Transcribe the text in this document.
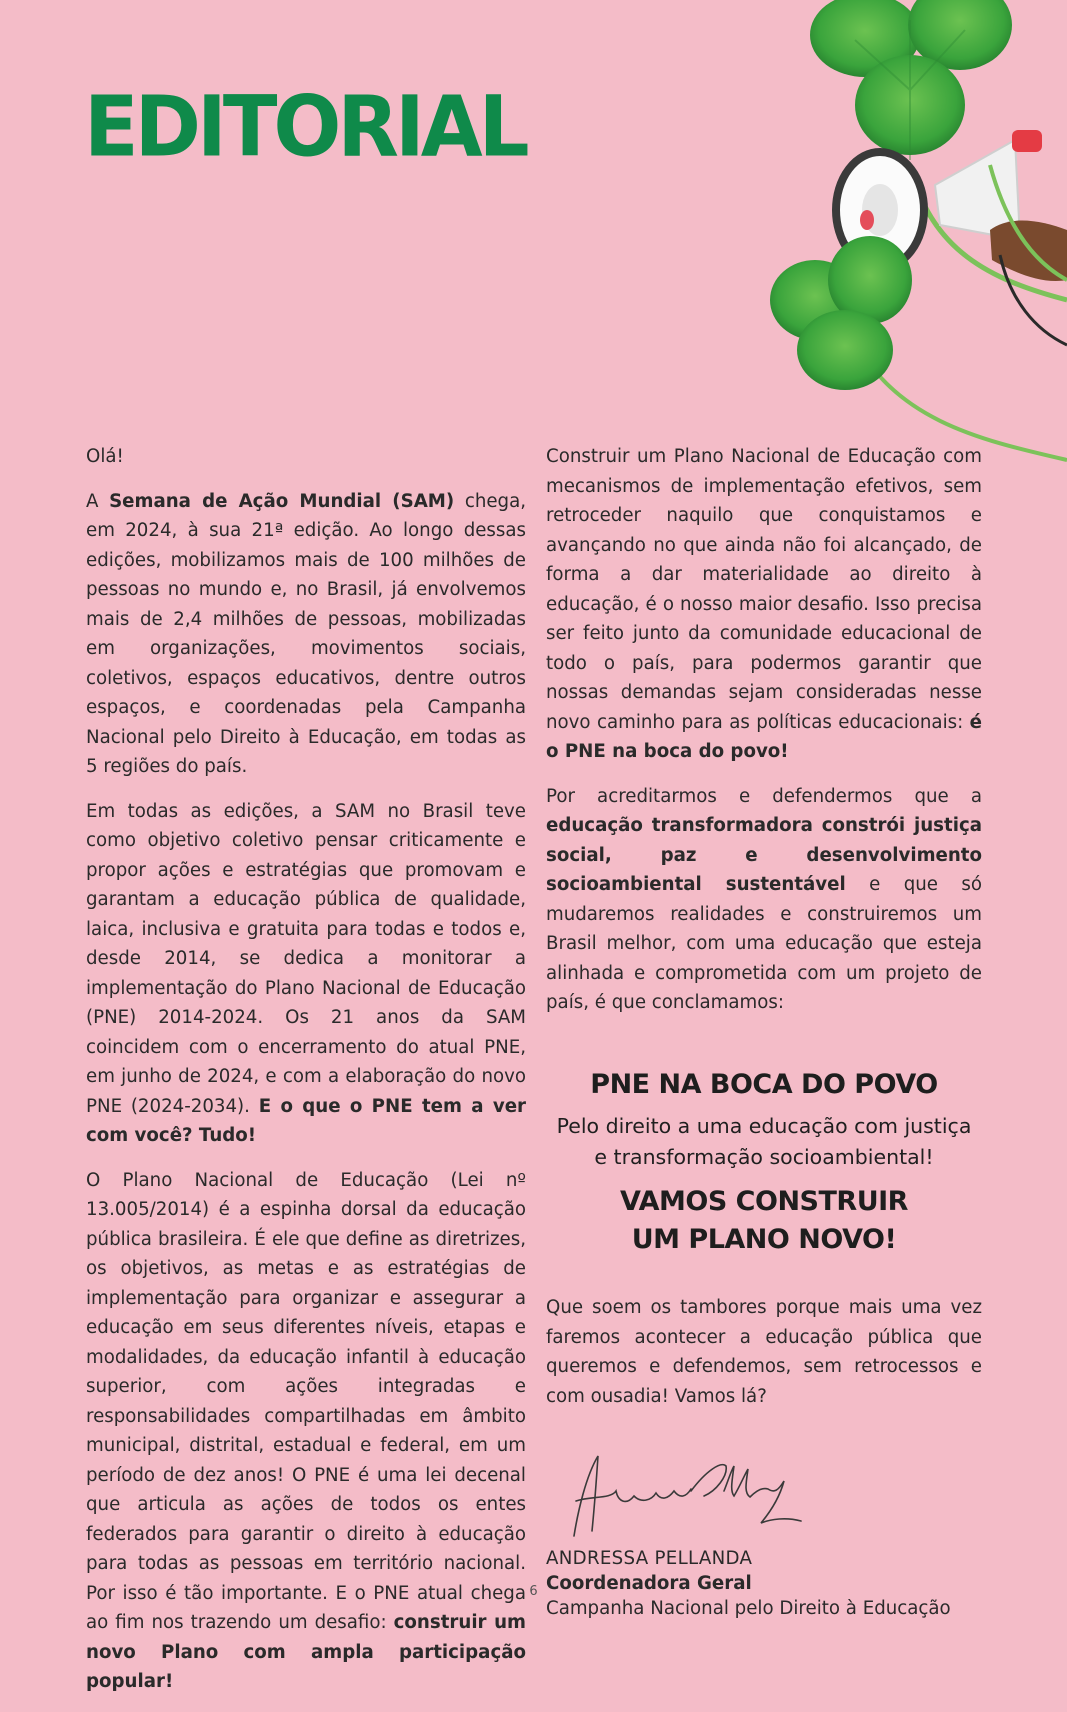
EDITORIAL

Olá!

A Semana de Ação Mundial (SAM) chega, em 2024, à sua 21ª edição. Ao longo dessas edições, mobilizamos mais de 100 milhões de pessoas no mundo e, no Brasil, já envolvemos mais de 2,4 milhões de pessoas, mobilizadas em organizações, movimentos sociais, coletivos, espaços educativos, dentre outros espaços, e coordenadas pela Campanha Nacional pelo Direito à Educação, em todas as 5 regiões do país.

Em todas as edições, a SAM no Brasil teve como objetivo coletivo pensar criticamente e propor ações e estratégias que promovam e garantam a educação pública de qualidade, laica, inclusiva e gratuita para todas e todos e, desde 2014, se dedica a monitorar a implementação do Plano Nacional de Educação (PNE) 2014-2024. Os 21 anos da SAM coincidem com o encerramento do atual PNE, em junho de 2024, e com a elaboração do novo PNE (2024-2034). E o que o PNE tem a ver com você? Tudo!

O Plano Nacional de Educação (Lei nº 13.005/2014) é a espinha dorsal da educação pública brasileira. É ele que define as diretrizes, os objetivos, as metas e as estratégias de implementação para organizar e assegurar a educação em seus diferentes níveis, etapas e modalidades, da educação infantil à educação superior, com ações integradas e responsabilidades compartilhadas em âmbito municipal, distrital, estadual e federal, em um período de dez anos! O PNE é uma lei decenal que articula as ações de todos os entes federados para garantir o direito à educação para todas as pessoas em território nacional. Por isso é tão importante. E o PNE atual chega ao fim nos trazendo um desafio: construir um novo Plano com ampla participação popular!

Construir um Plano Nacional de Educação com mecanismos de implementação efetivos, sem retroceder naquilo que conquistamos e avançando no que ainda não foi alcançado, de forma a dar materialidade ao direito à educação, é o nosso maior desafio. Isso precisa ser feito junto da comunidade educacional de todo o país, para podermos garantir que nossas demandas sejam consideradas nesse novo caminho para as políticas educacionais: é o PNE na boca do povo!

Por acreditarmos e defendermos que a educação transformadora constrói justiça social, paz e desenvolvimento socioambiental sustentável e que só mudaremos realidades e construiremos um Brasil melhor, com uma educação que esteja alinhada e comprometida com um projeto de país, é que conclamamos:

PNE NA BOCA DO POVO
Pelo direito a uma educação com justiça
e transformação socioambiental!
VAMOS CONSTRUIR
UM PLANO NOVO!

Que soem os tambores porque mais uma vez faremos acontecer a educação pública que queremos e defendemos, sem retrocessos e com ousadia! Vamos lá?

ANDRESSA PELLANDA
Coordenadora Geral
Campanha Nacional pelo Direito à Educação
6
